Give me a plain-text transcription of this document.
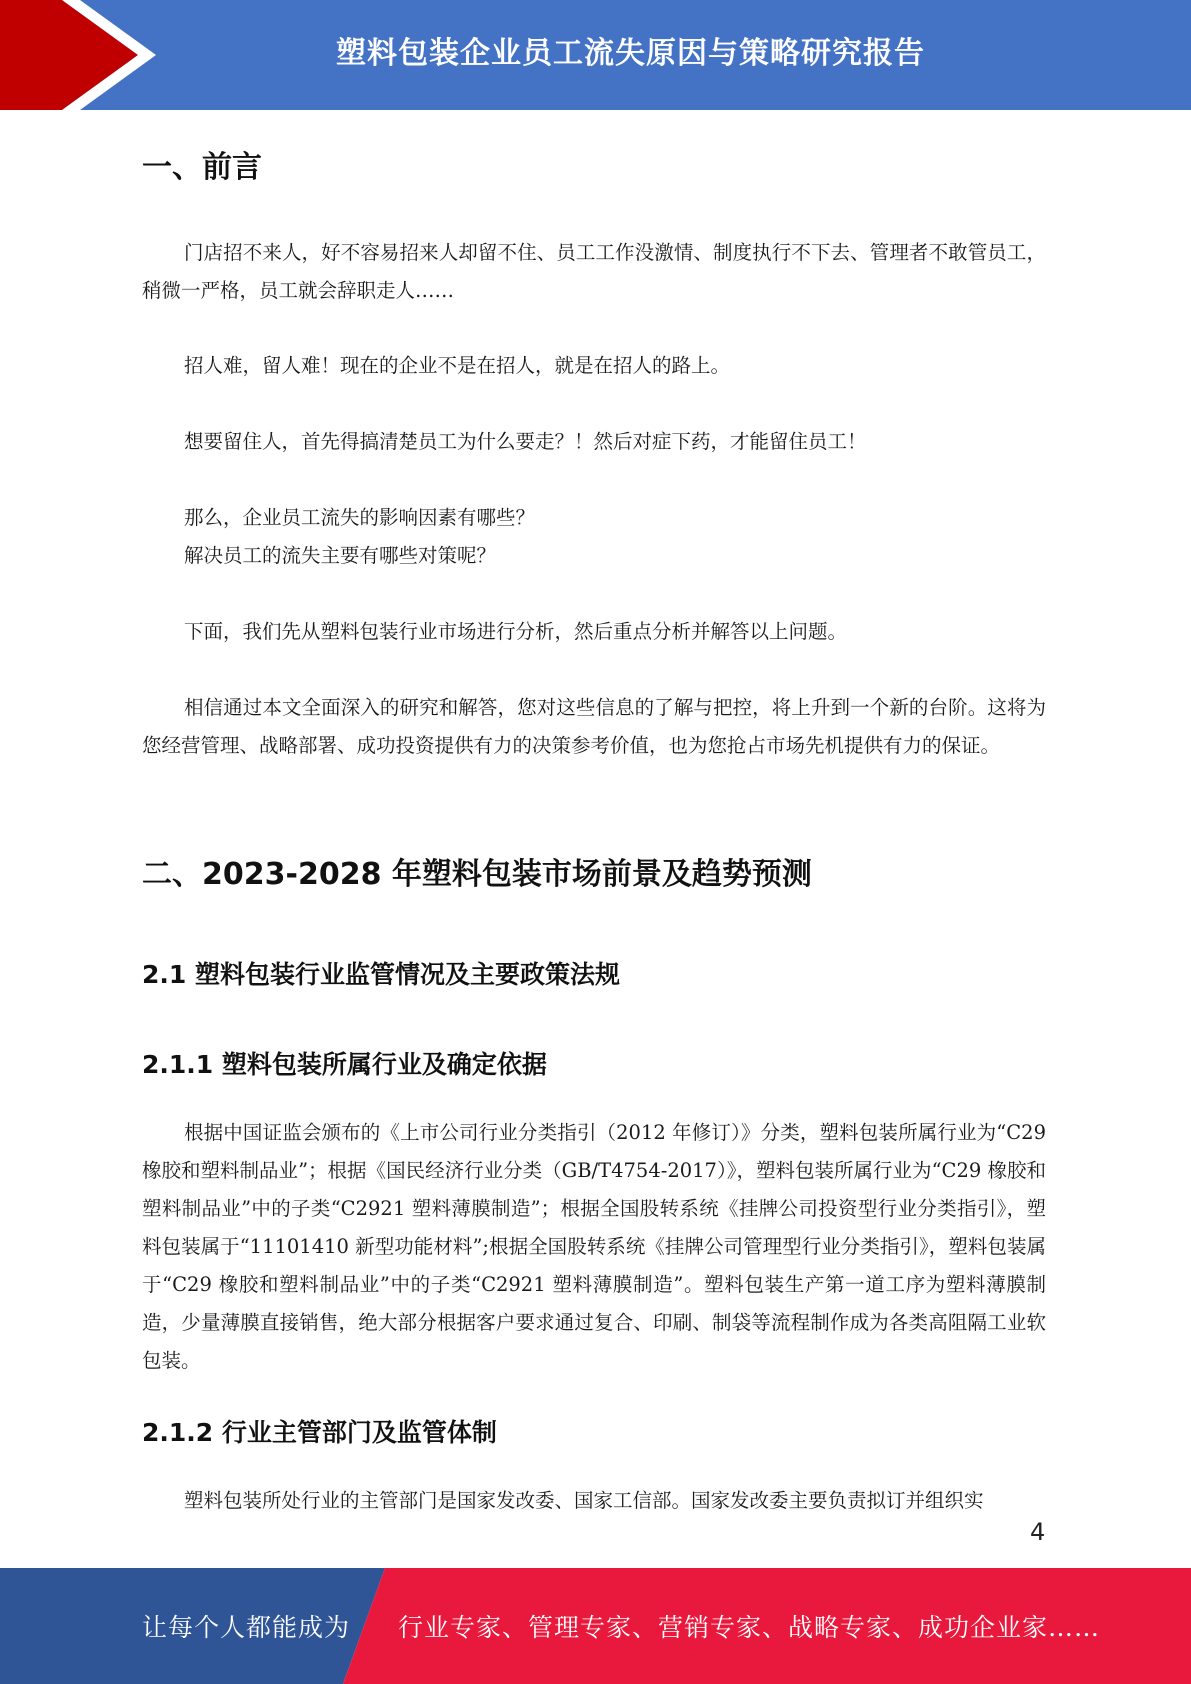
塑料包装企业员工流失原因与策略研究报告
一、前言

门店招不来人，好不容易招来人却留不住、员工工作没激情、制度执行不下去、管理者不敢管员工，稍微一严格，员工就会辞职走人……

招人难，留人难！现在的企业不是在招人，就是在招人的路上。

想要留住人，首先得搞清楚员工为什么要走？！然后对症下药，才能留住员工！

那么，企业员工流失的影响因素有哪些？

解决员工的流失主要有哪些对策呢？

下面，我们先从塑料包装行业市场进行分析，然后重点分析并解答以上问题。

相信通过本文全面深入的研究和解答，您对这些信息的了解与把控，将上升到一个新的台阶。这将为您经营管理、战略部署、成功投资提供有力的决策参考价值，也为您抢占市场先机提供有力的保证。

二、2023-2028 年塑料包装市场前景及趋势预测
2.1 塑料包装行业监管情况及主要政策法规
2.1.1 塑料包装所属行业及确定依据

根据中国证监会颁布的《上市公司行业分类指引（2012 年修订）》分类，塑料包装所属行业为“C29 橡胶和塑料制品业”；根据《国民经济行业分类（GB/T4754-2017）》，塑料包装所属行业为“C29 橡胶和塑料制品业”中的子类“C2921 塑料薄膜制造”；根据全国股转系统《挂牌公司投资型行业分类指引》，塑料包装属于“11101410 新型功能材料”;根据全国股转系统《挂牌公司管理型行业分类指引》，塑料包装属于“C29 橡胶和塑料制品业”中的子类“C2921 塑料薄膜制造”。塑料包装生产第一道工序为塑料薄膜制造，少量薄膜直接销售，绝大部分根据客户要求通过复合、印刷、制袋等流程制作成为各类高阻隔工业软包装。

2.1.2 行业主管部门及监管体制

塑料包装所处行业的主管部门是国家发改委、国家工信部。国家发改委主要负责拟订并组织实

4
让每个人都能成为 行业专家、管理专家、营销专家、战略专家、成功企业家……
